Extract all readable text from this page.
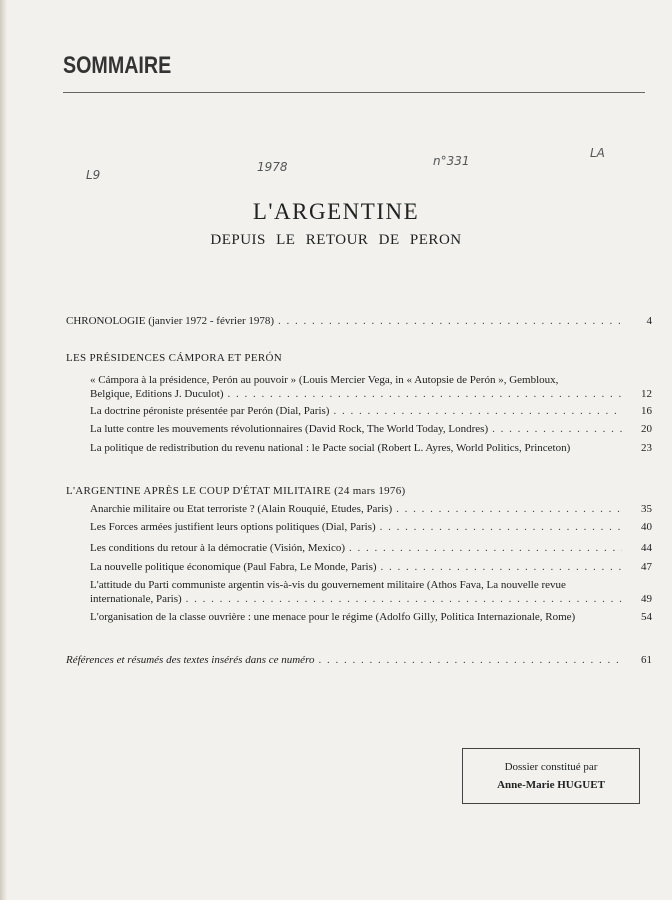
SOMMAIRE
L9
1978	n°331
LA
L'ARGENTINE
DEPUIS LE RETOUR DE PERON
CHRONOLOGIE (janvier 1972 - février 1978) . . .	4
LES PRÉSIDENCES CÁMPORA ET PERÓN
« Cámpora à la présidence, Perón au pouvoir » (Louis Mercier Vega, in « Autopsie de Perón », Gembloux,
Belgique, Editions J. Duculot) . . .	12
La doctrine péroniste présentée par Perón (Dial, Paris) . . .	16
La lutte contre les mouvements révolutionnaires (David Rock, The World Today, Londres) . . .	20
La politique de redistribution du revenu national : le Pacte social (Robert L. Ayres, World Politics, Princeton)	23
L'ARGENTINE APRÈS LE COUP D'ÉTAT MILITAIRE (24 mars 1976)
Anarchie militaire ou Etat terroriste ? (Alain Rouquié, Etudes, Paris) . . .	35
Les Forces armées justifient leurs options politiques (Dial, Paris) . . .	40
Les conditions du retour à la démocratie (Visión, Mexico) . . .	44
La nouvelle politique économique (Paul Fabra, Le Monde, Paris) . . .	47
L'attitude du Parti communiste argentin vis-à-vis du gouvernement militaire (Athos Fava, La nouvelle revue
internationale, Paris) . . .	49
L'organisation de la classe ouvrière : une menace pour le régime (Adolfo Gilly, Politica Internazionale, Rome)	54
Références et résumés des textes insérés dans ce numéro . . .	61
Dossier constitué par
Anne-Marie HUGUET
